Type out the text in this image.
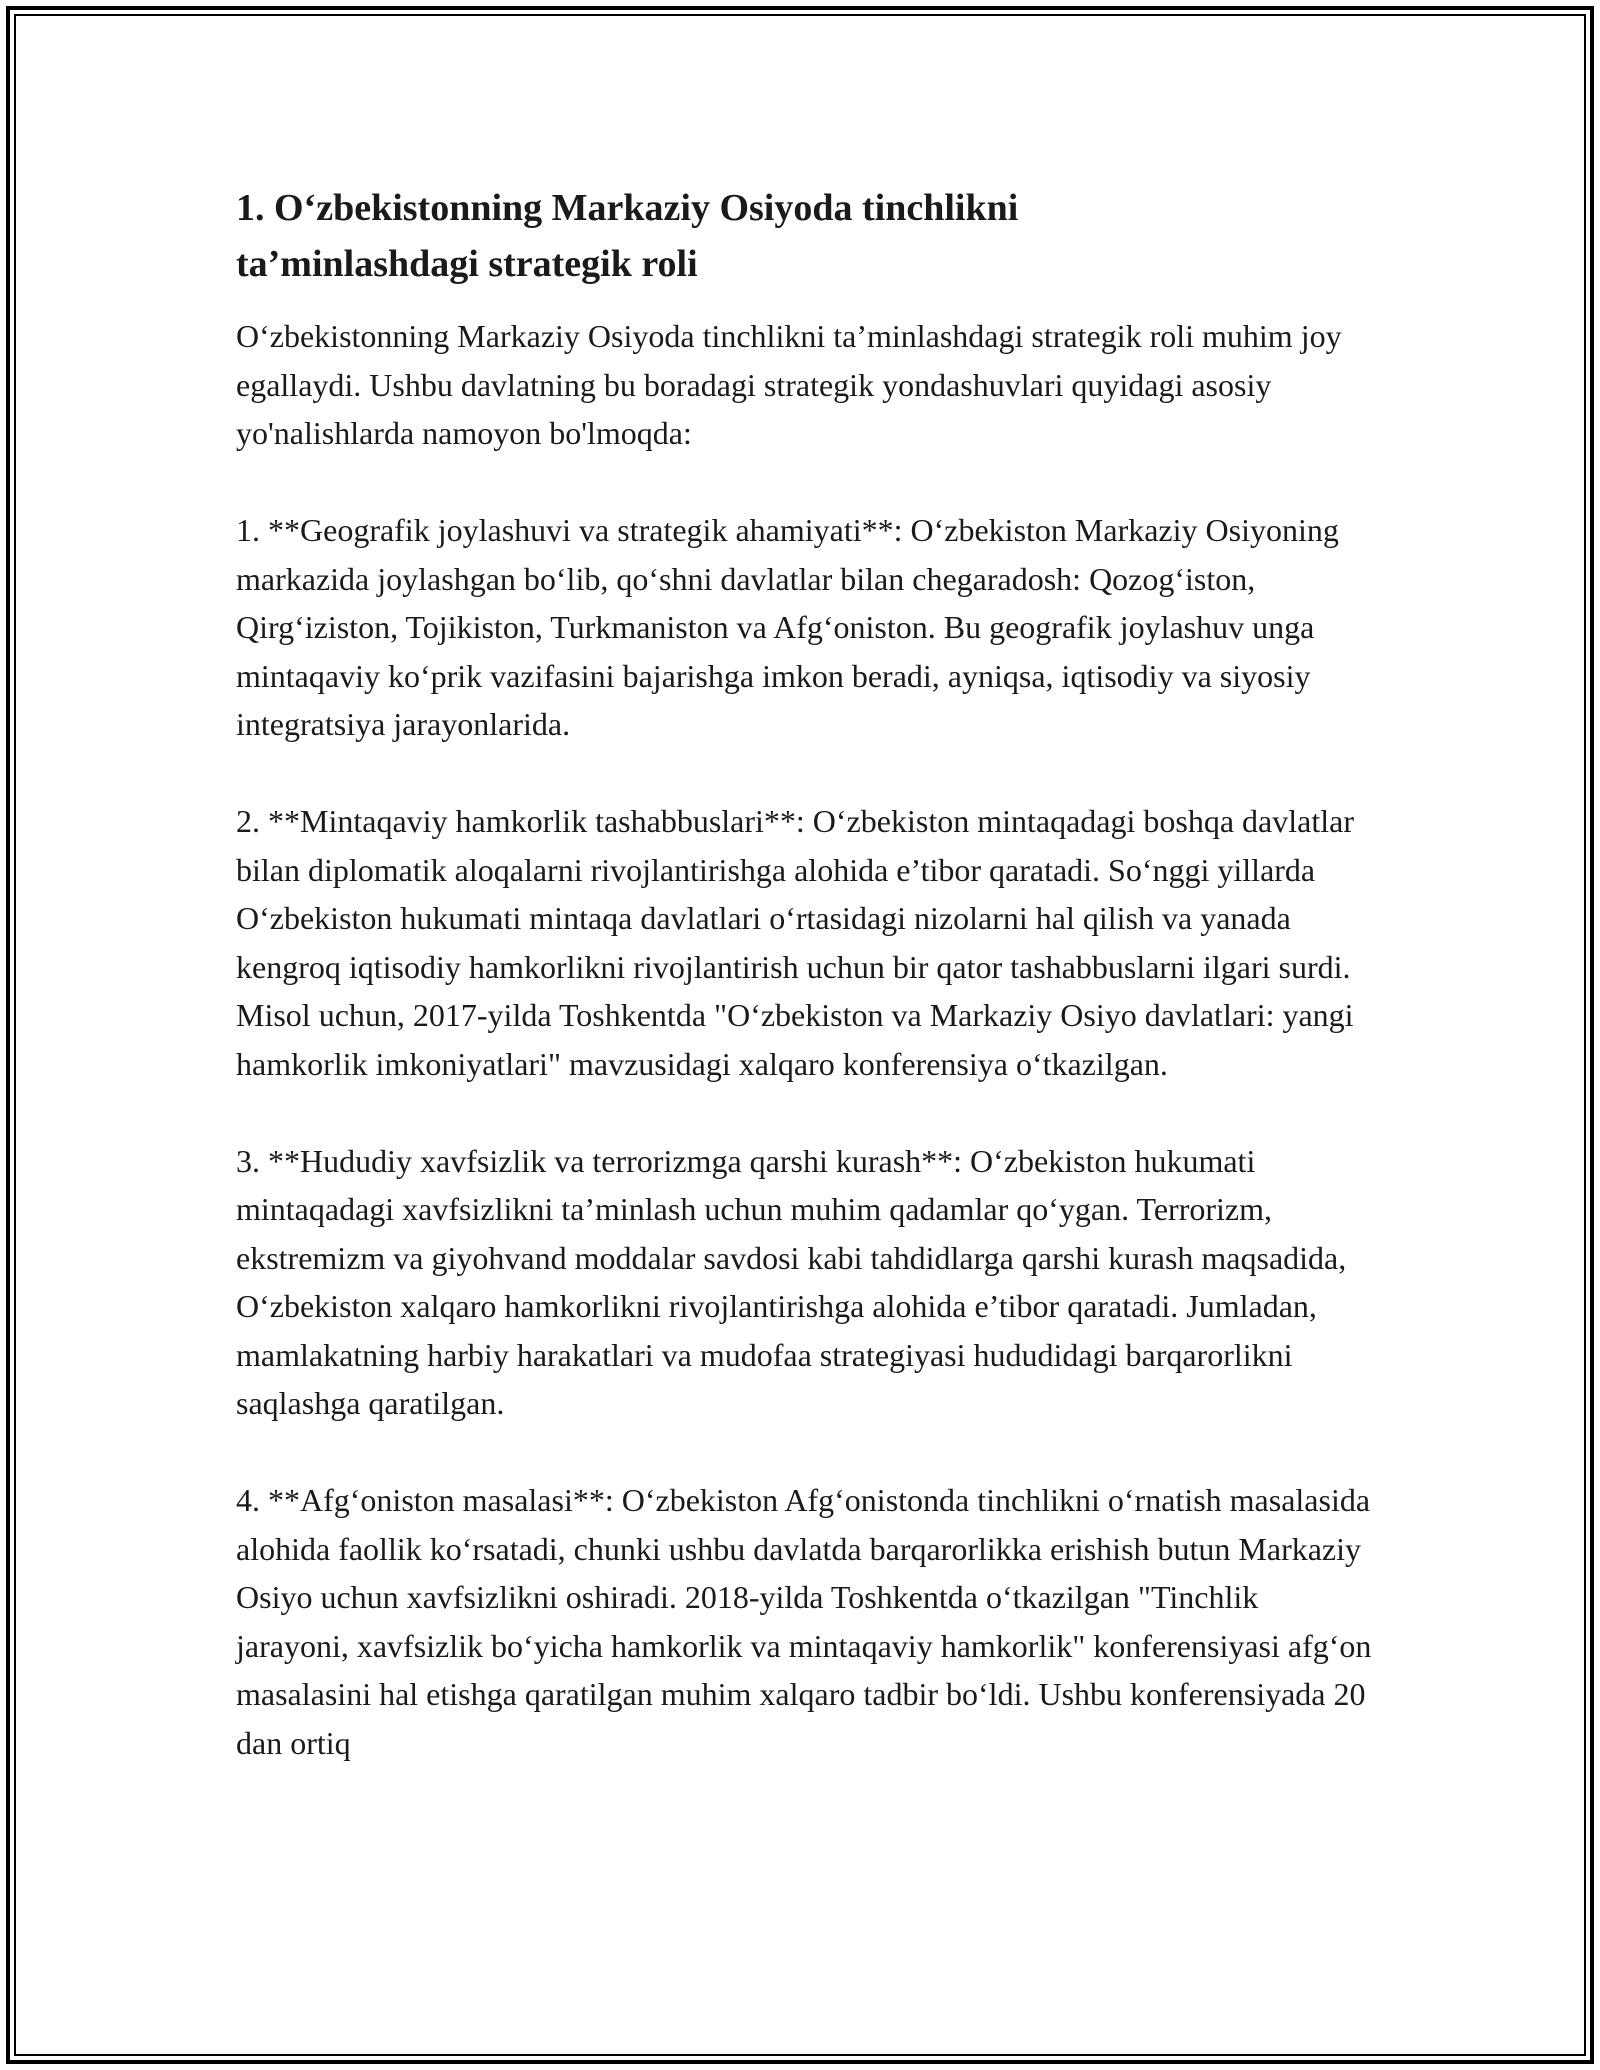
1. O‘zbekistonning Markaziy Osiyoda tinchlikni
ta’minlashdagi strategik roli

O‘zbekistonning Markaziy Osiyoda tinchlikni ta’minlashdagi strategik roli muhim joy egallaydi. Ushbu davlatning bu boradagi strategik yondashuvlari quyidagi asosiy yo'nalishlarda namoyon bo'lmoqda:

1. **Geografik joylashuvi va strategik ahamiyati**: O‘zbekiston Markaziy Osiyoning markazida joylashgan bo‘lib, qo‘shni davlatlar bilan chegaradosh: Qozog‘iston, Qirg‘iziston, Tojikiston, Turkmaniston va Afg‘oniston. Bu geografik joylashuv unga mintaqaviy ko‘prik vazifasini bajarishga imkon beradi, ayniqsa, iqtisodiy va siyosiy integratsiya jarayonlarida.

2. **Mintaqaviy hamkorlik tashabbuslari**: O‘zbekiston mintaqadagi boshqa davlatlar bilan diplomatik aloqalarni rivojlantirishga alohida e’tibor qaratadi. So‘nggi yillarda O‘zbekiston hukumati mintaqa davlatlari o‘rtasidagi nizolarni hal qilish va yanada kengroq iqtisodiy hamkorlikni rivojlantirish uchun bir qator tashabbuslarni ilgari surdi. Misol uchun, 2017-yilda Toshkentda "O‘zbekiston va Markaziy Osiyo davlatlari: yangi hamkorlik imkoniyatlari" mavzusidagi xalqaro konferensiya o‘tkazilgan.

3. **Hududiy xavfsizlik va terrorizmga qarshi kurash**: O‘zbekiston hukumati mintaqadagi xavfsizlikni ta’minlash uchun muhim qadamlar qo‘ygan. Terrorizm, ekstremizm va giyohvand moddalar savdosi kabi tahdidlarga qarshi kurash maqsadida, O‘zbekiston xalqaro hamkorlikni rivojlantirishga alohida e’tibor qaratadi. Jumladan, mamlakatning harbiy harakatlari va mudofaa strategiyasi hududidagi barqarorlikni saqlashga qaratilgan.

4. **Afg‘oniston masalasi**: O‘zbekiston Afg‘onistonda tinchlikni o‘rnatish masalasida alohida faollik ko‘rsatadi, chunki ushbu davlatda barqarorlikka erishish butun Markaziy Osiyo uchun xavfsizlikni oshiradi. 2018-yilda Toshkentda o‘tkazilgan "Tinchlik jarayoni, xavfsizlik bo‘yicha hamkorlik va mintaqaviy hamkorlik" konferensiyasi afg‘on masalasini hal etishga qaratilgan muhim xalqaro tadbir bo‘ldi. Ushbu konferensiyada 20 dan ortiq
